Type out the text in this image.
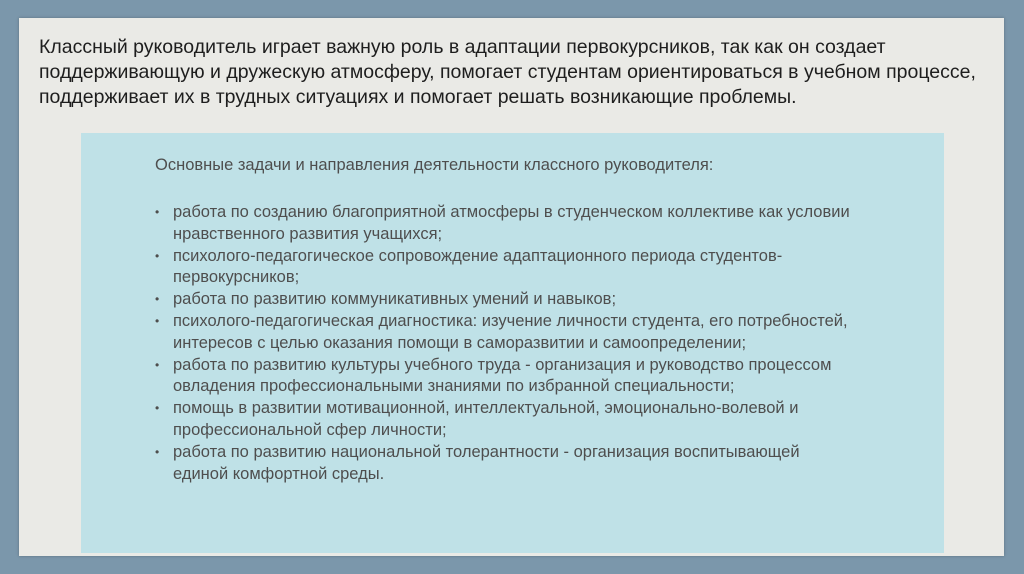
Классный руководитель играет важную роль в адаптации первокурсников, так как он создает поддерживающую и дружескую атмосферу, помогает студентам ориентироваться в учебном процессе, поддерживает их в трудных ситуациях и помогает решать возникающие проблемы.

Основные задачи и направления деятельности классного руководителя:
• работа по созданию благоприятной атмосферы в студенческом коллективе как условии нравственного развития учащихся;
• психолого-педагогическое сопровождение адаптационного периода студентов-первокурсников;
• работа по развитию коммуникативных умений и навыков;
• психолого-педагогическая диагностика: изучение личности студента, его потребностей, интересов с целью оказания помощи в саморазвитии и самоопределении;
• работа по развитию культуры учебного труда - организация и руководство процессом овладения профессиональными знаниями по избранной специальности;
• помощь в развитии мотивационной, интеллектуальной, эмоционально-волевой и профессиональной сфер личности;
• работа по развитию национальной толерантности - организация воспитывающей единой комфортной среды.
